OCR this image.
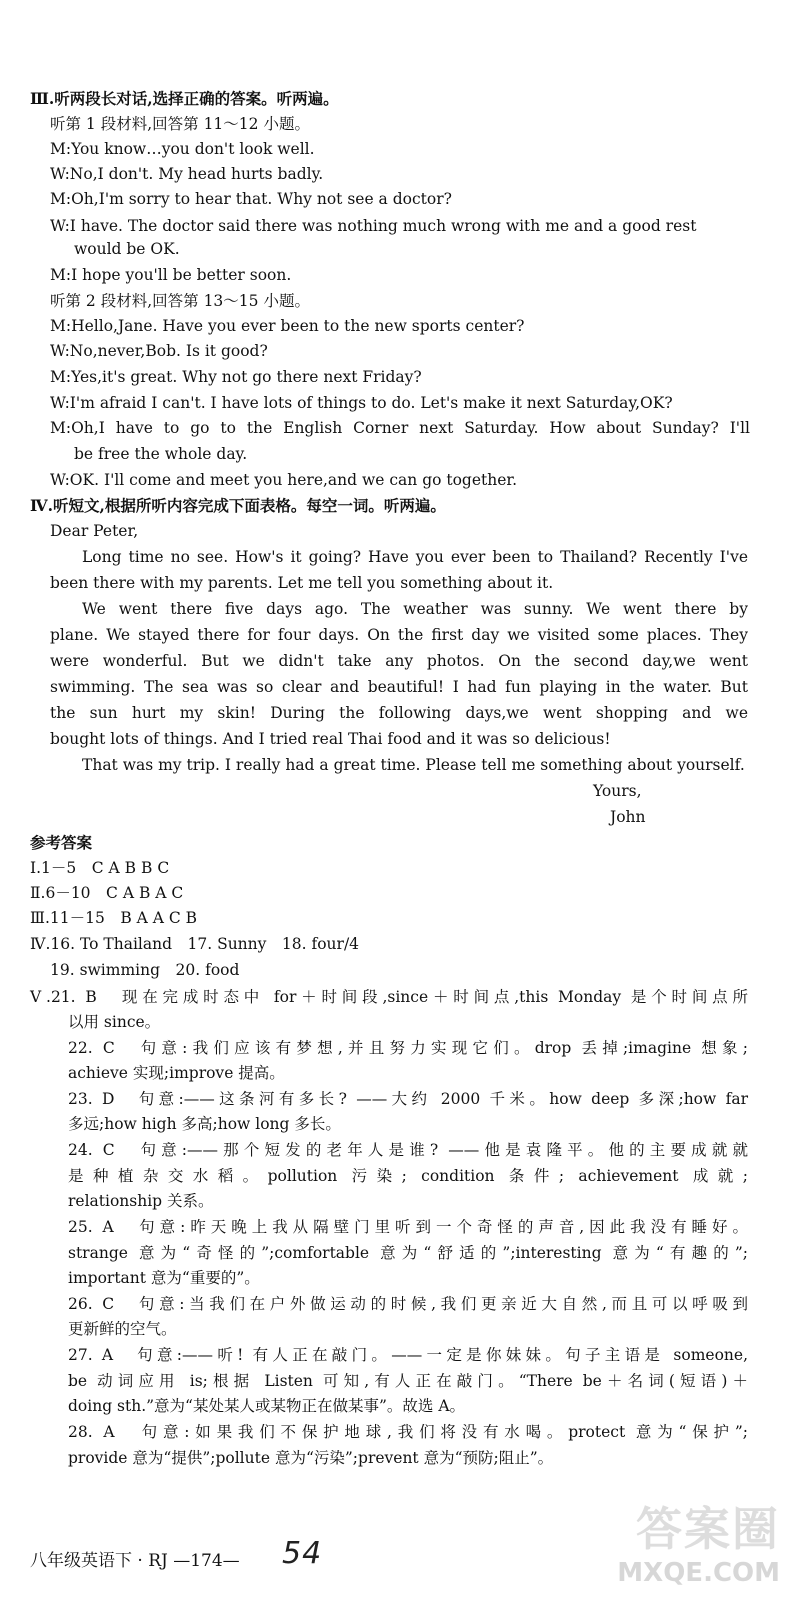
Ⅲ.听两段长对话,选择正确的答案。听两遍。
听第 1 段材料,回答第 11～12 小题。
M:You know…you don't look well.
W:No,I don't. My head hurts badly.
M:Oh,I'm sorry to hear that. Why not see a doctor?
W:I have. The doctor said there was nothing much wrong with me and a good rest
would be OK.
M:I hope you'll be better soon.
听第 2 段材料,回答第 13～15 小题。
M:Hello,Jane. Have you ever been to the new sports center?
W:No,never,Bob. Is it good?
M:Yes,it's great. Why not go there next Friday?
W:I'm afraid I can't. I have lots of things to do. Let's make it next Saturday,OK?
M:Oh,I have to go to the English Corner next Saturday. How about Sunday? I'll
be free the whole day.
W:OK. I'll come and meet you here,and we can go together.
Ⅳ.听短文,根据所听内容完成下面表格。每空一词。听两遍。
Dear Peter,
Long time no see. How's it going? Have you ever been to Thailand? Recently I've
been there with my parents. Let me tell you something about it.
We went there five days ago. The weather was sunny. We went there by
plane. We stayed there for four days. On the first day we visited some places. They
were wonderful. But we didn't take any photos. On the second day,we went
swimming. The sea was so clear and beautiful! I had fun playing in the water. But
the sun hurt my skin! During the following days,we went shopping and we
bought lots of things. And I tried real Thai food and it was so delicious!
That was my trip. I really had a great time. Please tell me something about yourself.
Yours,
John
参考答案
Ⅰ.1－5　C A B B C
Ⅱ.6－10　C A B A C
Ⅲ.11－15　B A A C B
Ⅳ.16. To Thailand　17. Sunny　18. four/4
19. swimming　20. food
Ⅴ.21. B　现在完成时态中 for＋时间段,since＋时间点,this Monday 是个时间点所
以用 since。
22. C　句意:我们应该有梦想,并且努力实现它们。drop 丢掉;imagine 想象;
achieve 实现;improve 提高。
23. D　句意:——这条河有多长? ——大约 2000 千米。how deep 多深;how far
多远;how high 多高;how long 多长。
24. C　句意:——那个短发的老年人是谁? ——他是袁隆平。他的主要成就就
是种植杂交水稻。pollution 污染; condition 条件; achievement 成就;
relationship 关系。
25. A　句意:昨天晚上我从隔壁门里听到一个奇怪的声音,因此我没有睡好。
strange 意为“奇怪的”;comfortable 意为“舒适的”;interesting 意为“有趣的”;
important 意为“重要的”。
26. C　句意:当我们在户外做运动的时候,我们更亲近大自然,而且可以呼吸到
更新鲜的空气。
27. A　句意:——听! 有人正在敲门。——一定是你妹妹。句子主语是 someone,
be 动词应用 is;根据 Listen 可知,有人正在敲门。“There be＋名词(短语)＋
doing sth.”意为“某处某人或某物正在做某事”。故选 A。
28. A　句意:如果我们不保护地球,我们将没有水喝。protect 意为“保护”;
provide 意为“提供”;pollute 意为“污染”;prevent 意为“预防;阻止”。
八年级英语下 · RJ —174— 54	答案圈
MXQE.COM
